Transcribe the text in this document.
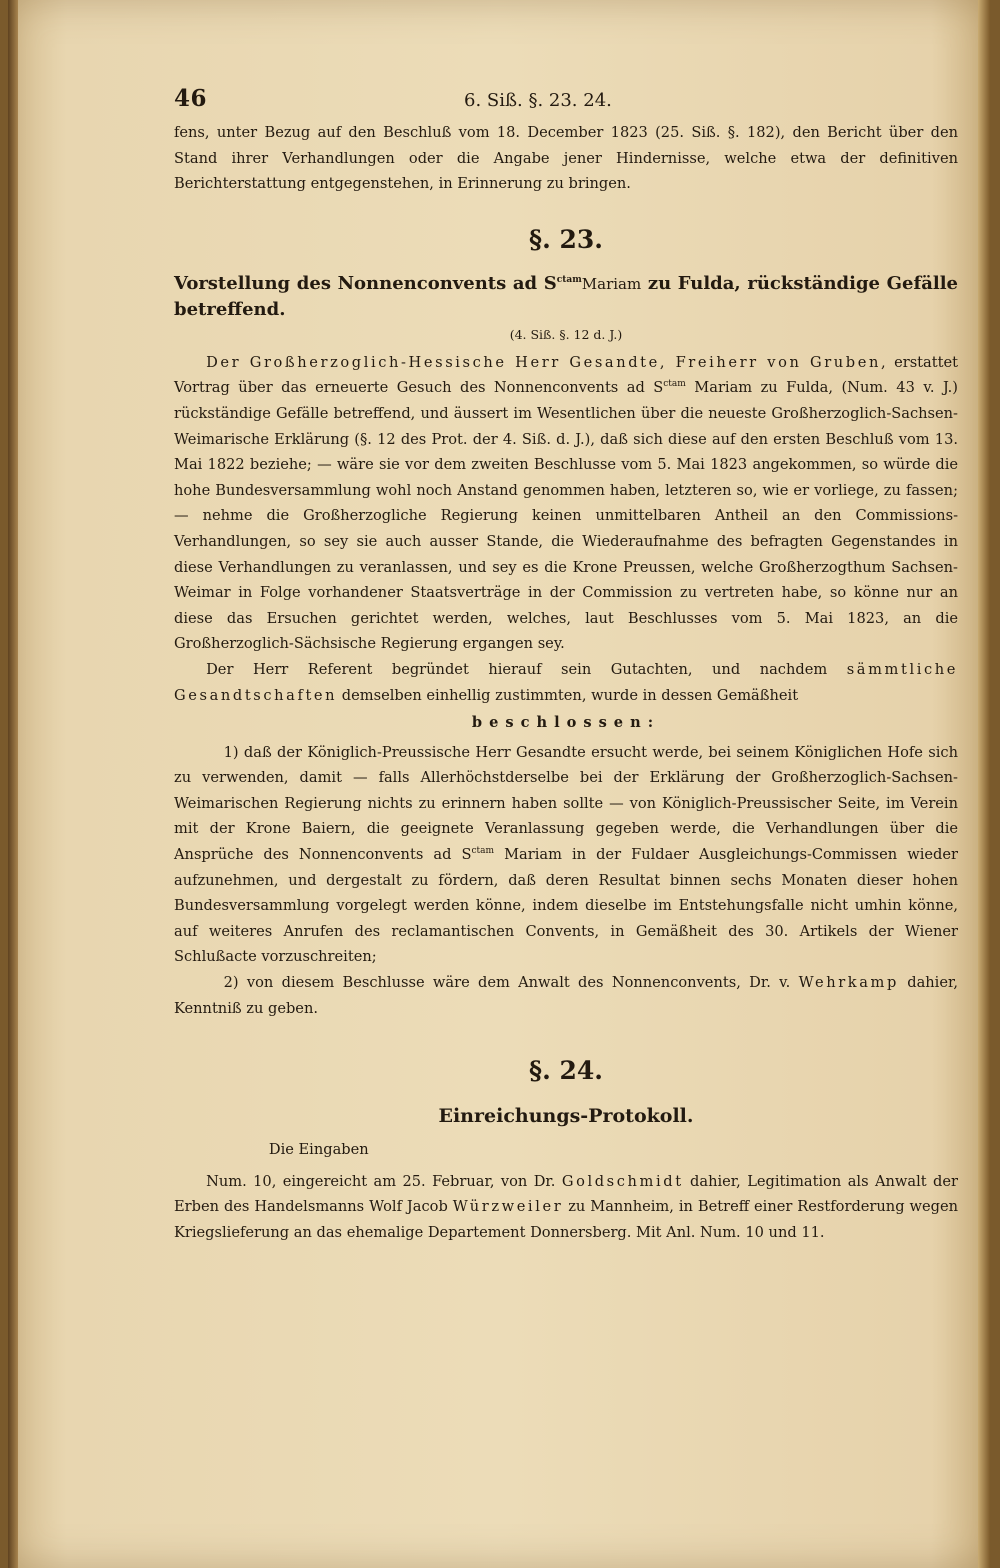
46	6. Siß. §. 23. 24.

fens, unter Bezug auf den Beschluß vom 18. December 1823 (25. Siß. §. 182), den Bericht über den Stand ihrer Verhandlungen oder die Angabe jener Hindernisse, welche etwa der definitiven Berichterstattung entgegenstehen, in Erinnerung zu bringen.

§. 23.
Vorstellung des Nonnenconvents ad $S^{ctam}Mariam$ zu Fulda, rückständige Gefälle betreffend.
(4. Siß. §. 12 d. J.)

Der Großherzoglich-Hessische Herr Gesandte, Freiherr von Gruben, erstattet Vortrag über das erneuerte Gesuch des Nonnenconvents ad $S^{ctam}$ Mariam zu Fulda, (Num. 43 v. J.) rückständige Gefälle betreffend, und äussert im Wesentlichen über die neueste Großherzoglich-Sachsen-Weimarische Erklärung (§. 12 des Prot. der 4. Siß. d. J.), daß sich diese auf den ersten Beschluß vom 13. Mai 1822 beziehe; — wäre sie vor dem zweiten Beschlusse vom 5. Mai 1823 angekommen, so würde die hohe Bundesversammlung wohl noch Anstand genommen haben, letzteren so, wie er vorliege, zu fassen; — nehme die Großherzogliche Regierung keinen unmittelbaren Antheil an den Commissions-Verhandlungen, so sey sie auch ausser Stande, die Wiederaufnahme des befragten Gegenstandes in diese Verhandlungen zu veranlassen, und sey es die Krone Preussen, welche Großherzogthum Sachsen-Weimar in Folge vorhandener Staatsverträge in der Commission zu vertreten habe, so könne nur an diese das Ersuchen gerichtet werden, welches, laut Beschlusses vom 5. Mai 1823, an die Großherzoglich-Sächsische Regierung ergangen sey.

Der Herr Referent begründet hierauf sein Gutachten, und nachdem sämmtliche Gesandtschaften demselben einhellig zustimmten, wurde in dessen Gemäßheit

beschlossen:

1) daß der Königlich-Preussische Herr Gesandte ersucht werde, bei seinem Königlichen Hofe sich zu verwenden, damit — falls Allerhöchstderselbe bei der Erklärung der Großherzoglich-Sachsen-Weimarischen Regierung nichts zu erinnern haben sollte — von Königlich-Preussischer Seite, im Verein mit der Krone Baiern, die geeignete Veranlassung gegeben werde, die Verhandlungen über die Ansprüche des Nonnenconvents ad $S^{ctam}$ Mariam in der Fuldaer Ausgleichungs-Commissen wieder aufzunehmen, und dergestalt zu fördern, daß deren Resultat binnen sechs Monaten dieser hohen Bundesversammlung vorgelegt werden könne, indem dieselbe im Entstehungsfalle nicht umhin könne, auf weiteres Anrufen des reclamantischen Convents, in Gemäßheit des 30. Artikels der Wiener Schlußacte vorzuschreiten;

2) von diesem Beschlusse wäre dem Anwalt des Nonnenconvents, Dr. v. Wehrkamp dahier, Kenntniß zu geben.

§. 24.
Einreichungs-Protokoll.

Die Eingaben

Num. 10, eingereicht am 25. Februar, von Dr. Goldschmidt dahier, Legitimation als Anwalt der Erben des Handelsmanns Wolf Jacob Würzweiler zu Mannheim, in Betreff einer Restforderung wegen Kriegslieferung an das ehemalige Departement Donnersberg. Mit Anl. Num. 10 und 11.
